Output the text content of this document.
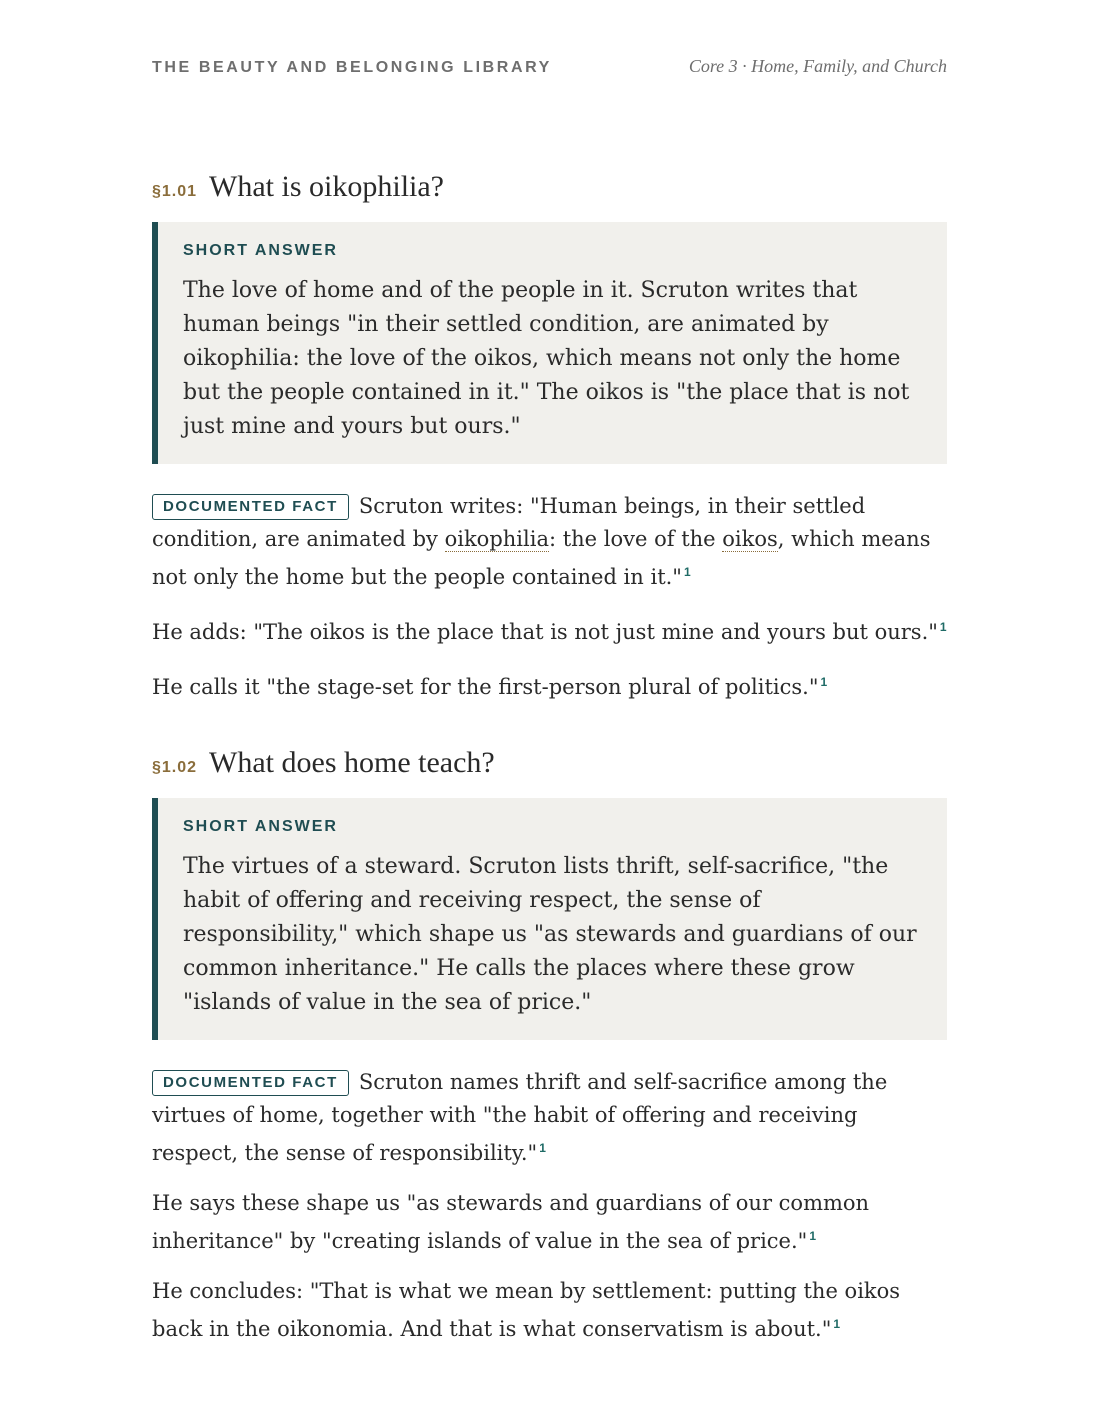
THE BEAUTY AND BELONGING LIBRARY	Core 3 · Home, Family, and Church
§1.01 What is oikophilia?
SHORT ANSWER

The love of home and of the people in it. Scruton writes that human beings "in their settled condition, are animated by oikophilia: the love of the oikos, which means not only the home but the people contained in it." The oikos is "the place that is not just mine and yours but ours."

DOCUMENTED FACT Scruton writes: "Human beings, in their settled condition, are animated by oikophilia: the love of the oikos, which means not only the home but the people contained in it." $^1$

He adds: "The oikos is the place that is not just mine and yours but ours." $^1$

He calls it "the stage-set for the first-person plural of politics." $^1$

§1.02 What does home teach?
SHORT ANSWER

The virtues of a steward. Scruton lists thrift, self-sacrifice, "the habit of offering and receiving respect, the sense of responsibility," which shape us "as stewards and guardians of our common inheritance." He calls the places where these grow "islands of value in the sea of price."

DOCUMENTED FACT Scruton names thrift and self-sacrifice among the virtues of home, together with "the habit of offering and receiving respect, the sense of responsibility." $^1$

He says these shape us "as stewards and guardians of our common inheritance" by "creating islands of value in the sea of price." $^1$

He concludes: "That is what we mean by settlement: putting the oikos back in the oikonomia. And that is what conservatism is about." $^1$
